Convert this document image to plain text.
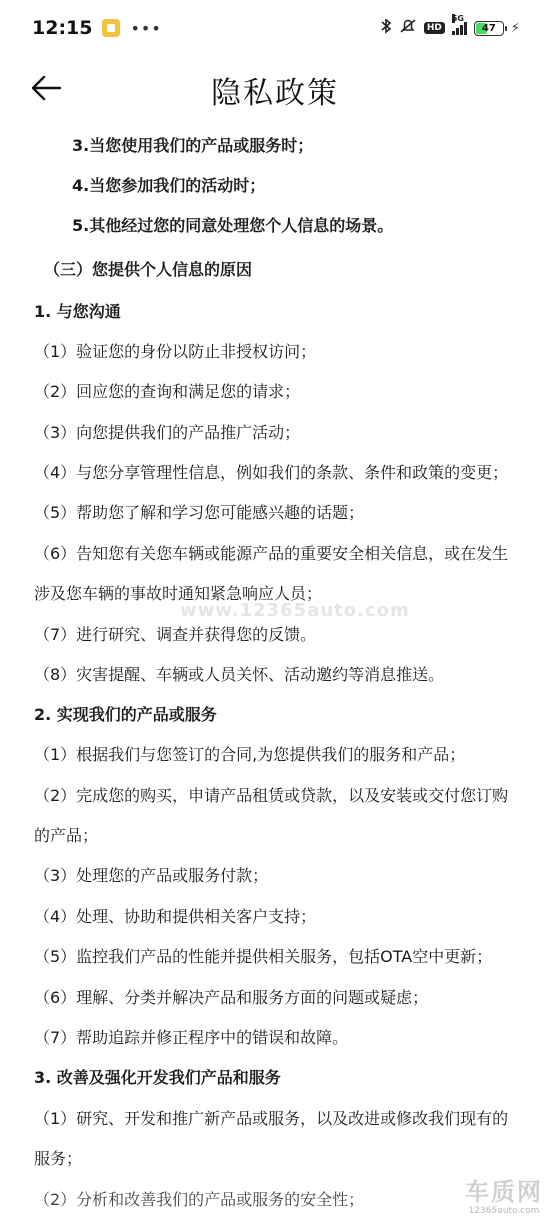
12:15 •••	HD
5G
47 ⚡
隐私政策
3.当您使用我们的产品或服务时；
4.当您参加我们的活动时；
5.其他经过您的同意处理您个人信息的场景。
（三）您提供个人信息的原因
1. 与您沟通
（1）验证您的身份以防止非授权访问；
（2）回应您的查询和满足您的请求；
（3）向您提供我们的产品推广活动；
（4）与您分享管理性信息，例如我们的条款、条件和政策的变更；
（5）帮助您了解和学习您可能感兴趣的话题；
（6）告知您有关您车辆或能源产品的重要安全相关信息，或在发生
涉及您车辆的事故时通知紧急响应人员；
（7）进行研究、调查并获得您的反馈。
（8）灾害提醒、车辆或人员关怀、活动邀约等消息推送。
2. 实现我们的产品或服务
（1）根据我们与您签订的合同,为您提供我们的服务和产品；
（2）完成您的购买，申请产品租赁或贷款，以及安装或交付您订购
的产品；
（3）处理您的产品或服务付款；
（4）处理、协助和提供相关客户支持；
（5）监控我们产品的性能并提供相关服务，包括OTA空中更新；
（6）理解、分类并解决产品和服务方面的问题或疑虑；
（7）帮助追踪并修正程序中的错误和故障。
3. 改善及强化开发我们产品和服务
（1）研究、开发和推广新产品或服务，以及改进或修改我们现有的
服务；
（2）分析和改善我们的产品或服务的安全性；
www.12365auto.com
车质网
12365auto.com
